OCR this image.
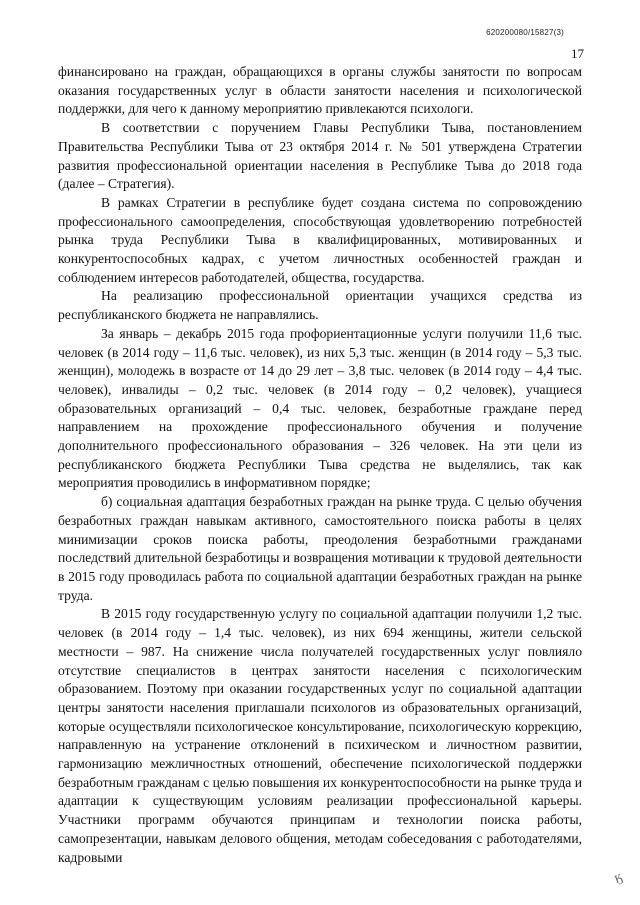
620200080/15827(3)
17

финансировано на граждан, обращающихся в органы службы занятости по вопросам оказания государственных услуг в области занятости населения и психологической поддержки, для чего к данному мероприятию привлекаются психологи.

В соответствии с поручением Главы Республики Тыва, постановлением Правительства Республики Тыва от 23 октября 2014 г. № 501 утверждена Стратегии развития профессиональной ориентации населения в Республике Тыва до 2018 года (далее – Стратегия).

В рамках Стратегии в республике будет создана система по сопровождению профессионального самоопределения, способствующая удовлетворению потребностей рынка труда Республики Тыва в квалифицированных, мотивированных и конкурентоспособных кадрах, с учетом личностных особенностей граждан и соблюдением интересов работодателей, общества, государства.

На реализацию профессиональной ориентации учащихся средства из республиканского бюджета не направлялись.

За январь – декабрь 2015 года профориентационные услуги получили 11,6 тыс. человек (в 2014 году – 11,6 тыс. человек), из них 5,3 тыс. женщин (в 2014 году – 5,3 тыс. женщин), молодежь в возрасте от 14 до 29 лет – 3,8 тыс. человек (в 2014 году – 4,4 тыс. человек), инвалиды – 0,2 тыс. человек (в 2014 году – 0,2 человек), учащиеся образовательных организаций – 0,4 тыс. человек, безработные граждане перед направлением на прохождение профессионального обучения и получение дополнительного профессионального образования – 326 человек. На эти цели из республиканского бюджета Республики Тыва средства не выделялись, так как мероприятия проводились в информативном порядке;

б) социальная адаптация безработных граждан на рынке труда. С целью обучения безработных граждан навыкам активного, самостоятельного поиска работы в целях минимизации сроков поиска работы, преодоления безработными гражданами последствий длительной безработицы и возвращения мотивации к трудовой деятельности в 2015 году проводилась работа по социальной адаптации безработных граждан на рынке труда.

В 2015 году государственную услугу по социальной адаптации получили 1,2 тыс. человек (в 2014 году – 1,4 тыс. человек), из них 694 женщины, жители сельской местности – 987. На снижение числа получателей государственных услуг повлияло отсутствие специалистов в центрах занятости населения с психологическим образованием. Поэтому при оказании государственных услуг по социальной адаптации центры занятости населения приглашали психологов из образовательных организаций, которые осуществляли психологическое консультирование, психологическую коррекцию, направленную на устранение отклонений в психическом и личностном развитии, гармонизацию межличностных отношений, обеспечение психологической поддержки безработным гражданам с целью повышения их конкурентоспособности на рынке труда и адаптации к существующим условиям реализации профессиональной карьеры. Участники программ обучаются принципам и технологии поиска работы, самопрезентации, навыкам делового общения, методам собеседования с работодателями, кадровыми

Ӄ
